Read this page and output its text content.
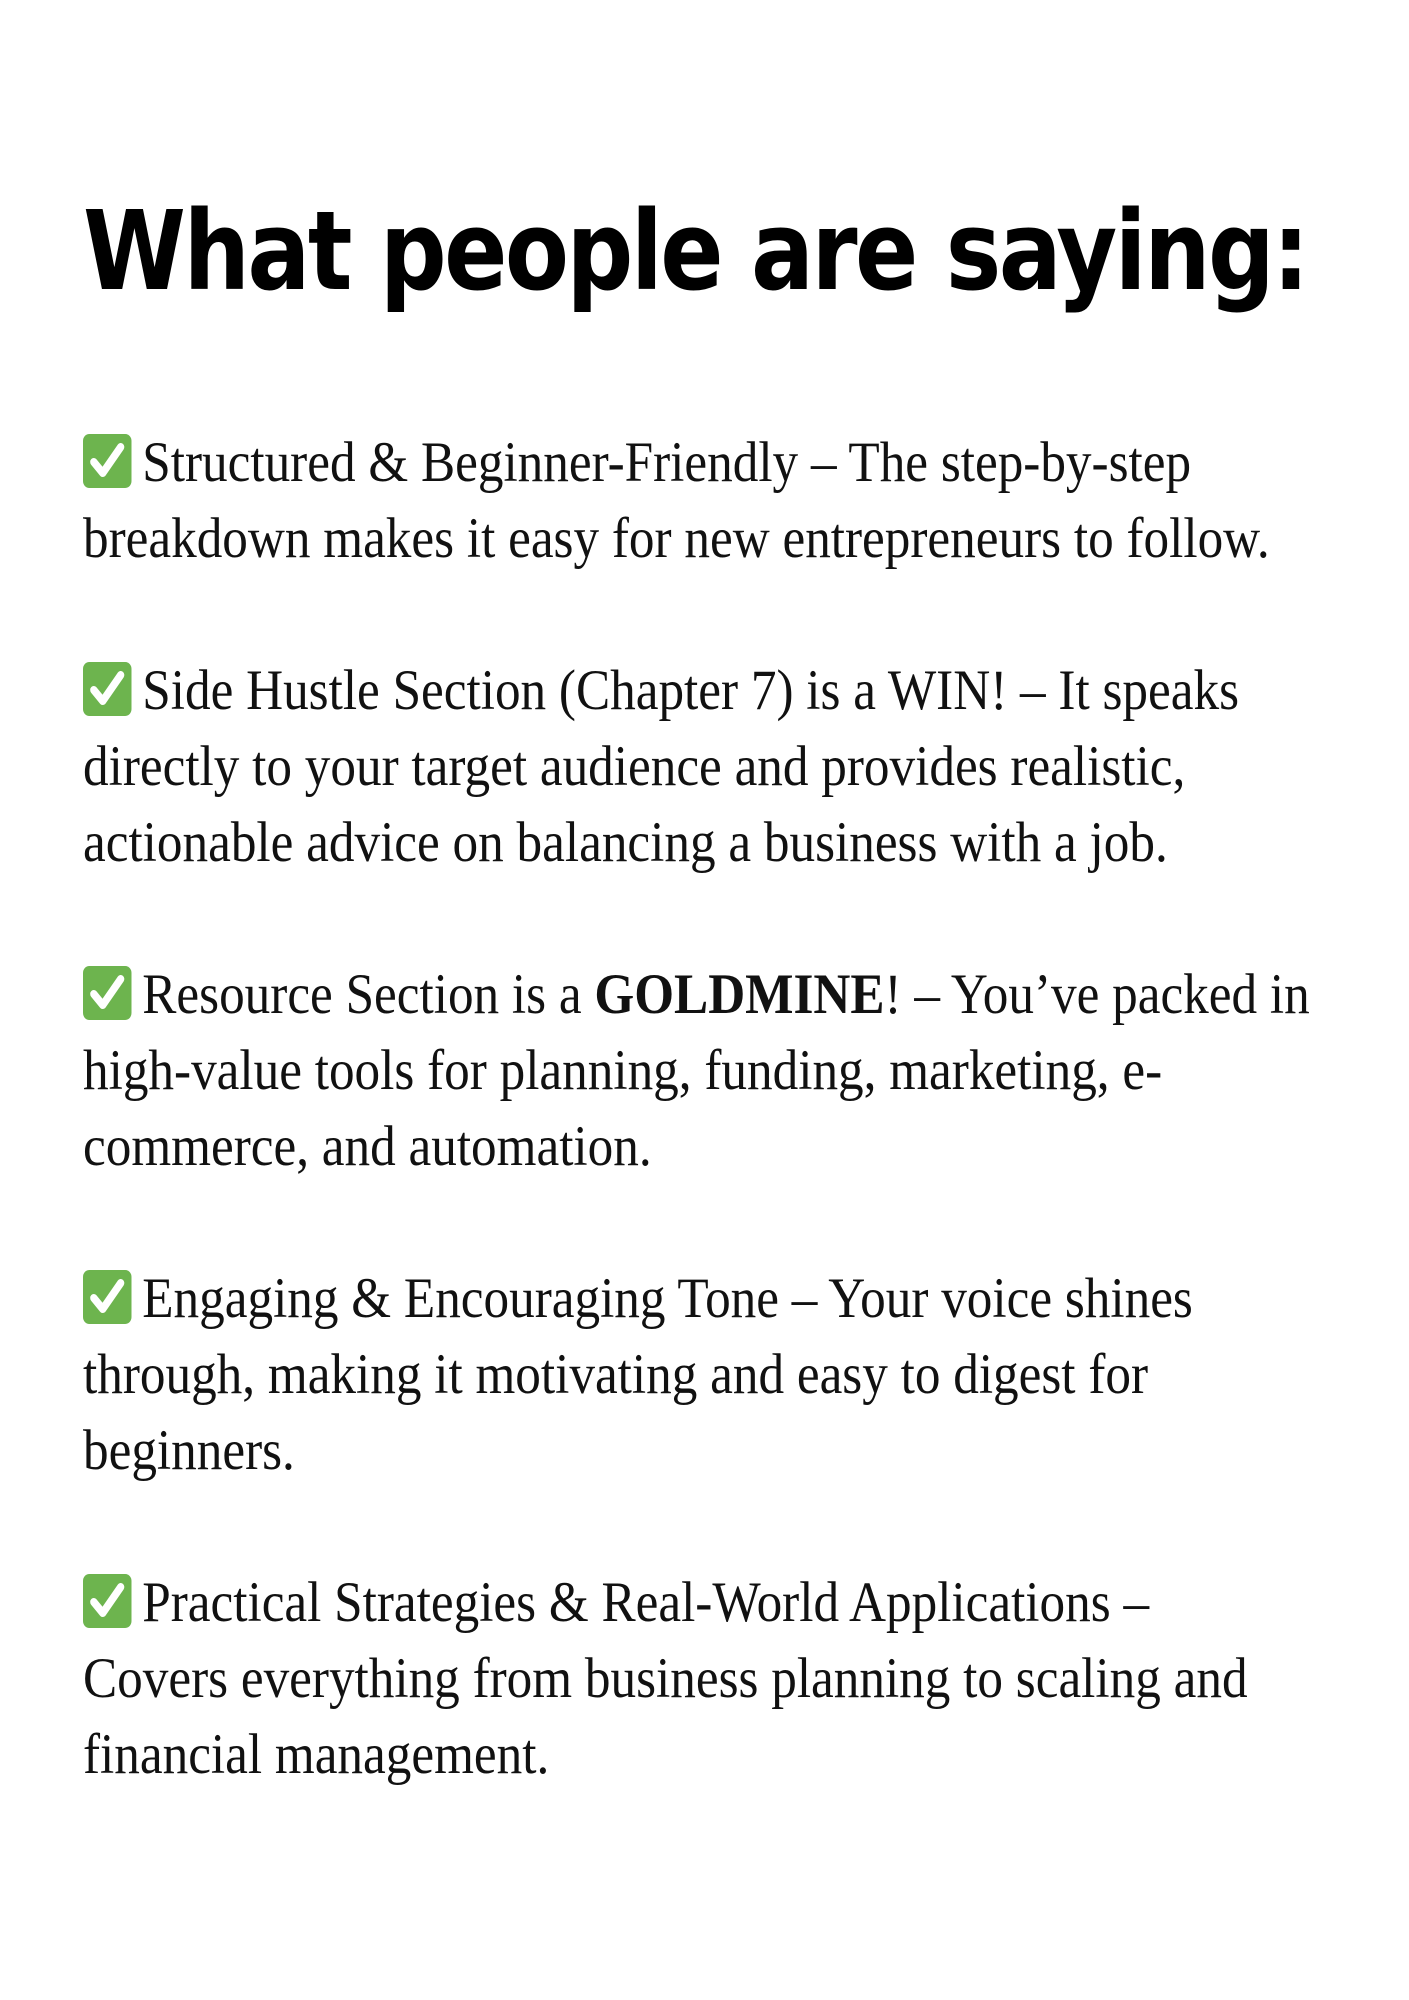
What people are saying:
Structured & Beginner-Friendly – The step-by-step
breakdown makes it easy for new entrepreneurs to follow.
Side Hustle Section (Chapter 7) is a WIN! – It speaks
directly to your target audience and provides realistic,
actionable advice on balancing a business with a job.
Resource Section is a GOLDMINE! – You’ve packed in
high-value tools for planning, funding, marketing, e-
commerce, and automation.
Engaging & Encouraging Tone – Your voice shines
through, making it motivating and easy to digest for
beginners.
Practical Strategies & Real-World Applications –
Covers everything from business planning to scaling and
financial management.
